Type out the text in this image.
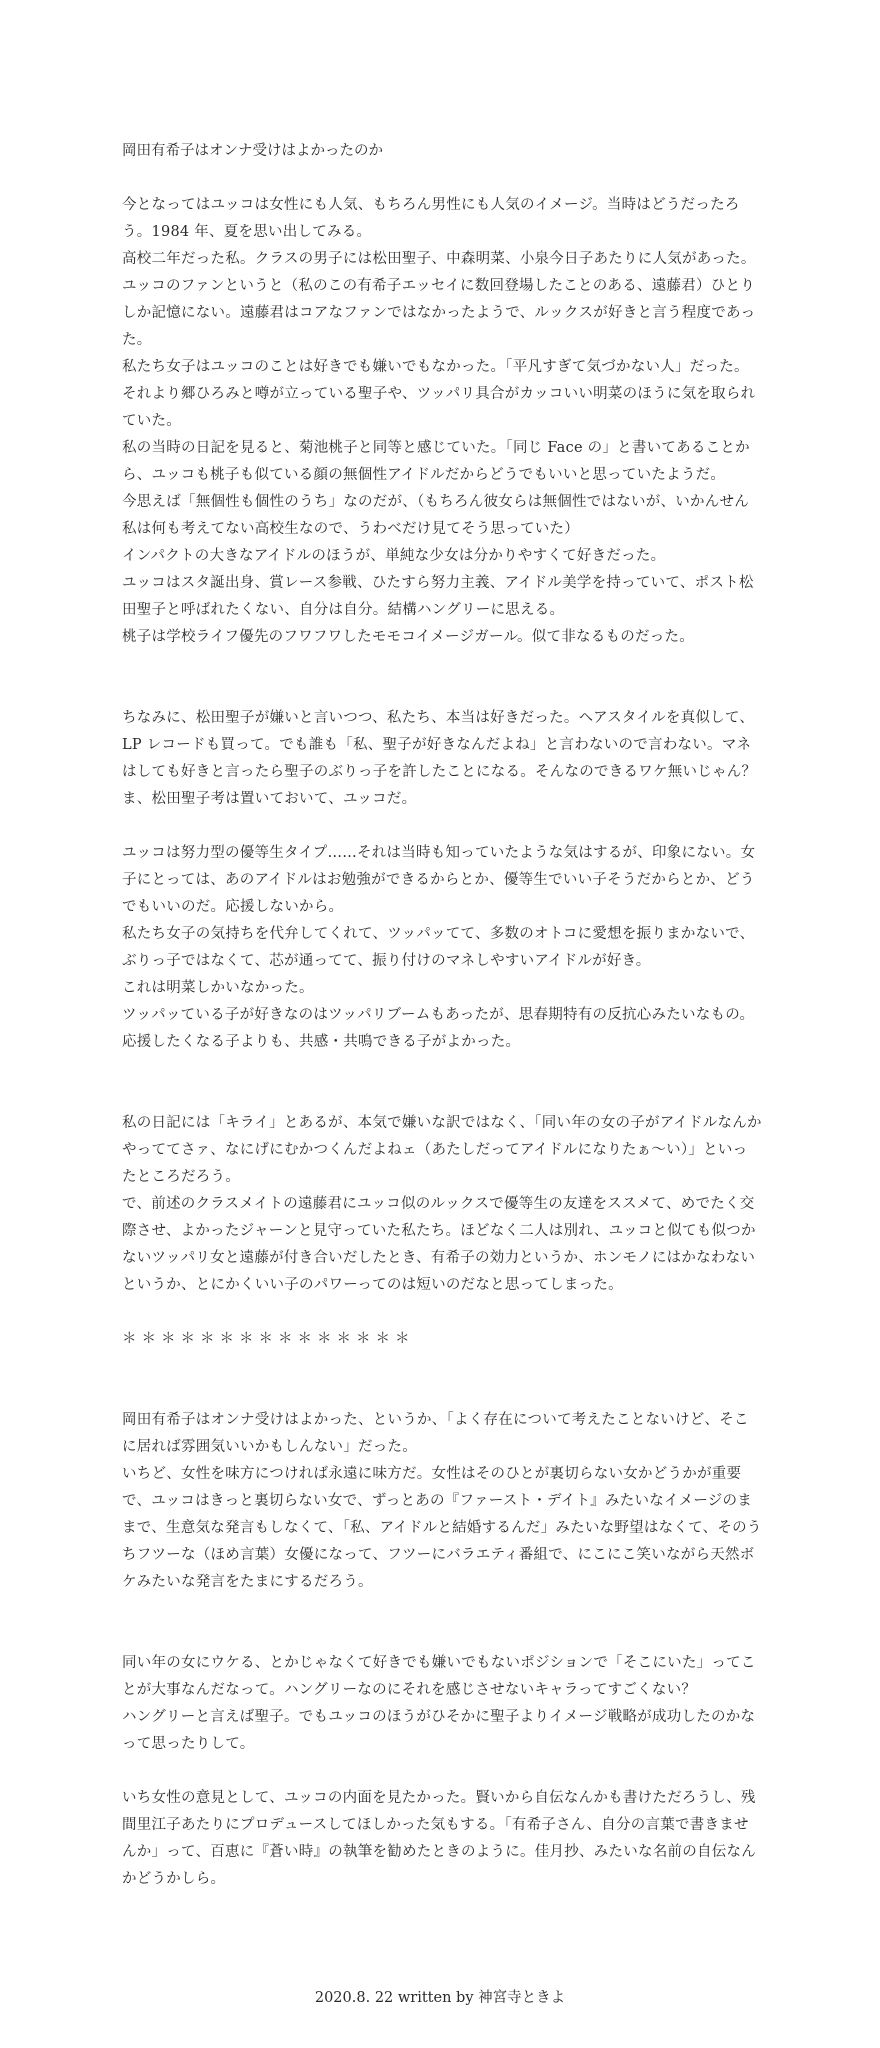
岡田有希子はオンナ受けはよかったのか

今となってはユッコは女性にも人気、もちろん男性にも人気のイメージ。当時はどうだったろう。1984 年、夏を思い出してみる。

高校二年だった私。クラスの男子には松田聖子、中森明菜、小泉今日子あたりに人気があった。ユッコのファンというと（私のこの有希子エッセイに数回登場したことのある、遠藤君）ひとりしか記憶にない。遠藤君はコアなファンではなかったようで、ルックスが好きと言う程度であった。

私たち女子はユッコのことは好きでも嫌いでもなかった。「平凡すぎて気づかない人」だった。それより郷ひろみと噂が立っている聖子や、ツッパリ具合がカッコいい明菜のほうに気を取られていた。

私の当時の日記を見ると、菊池桃子と同等と感じていた。「同じ Face の」と書いてあることから、ユッコも桃子も似ている顔の無個性アイドルだからどうでもいいと思っていたようだ。

今思えば「無個性も個性のうち」なのだが、（もちろん彼女らは無個性ではないが、いかんせん私は何も考えてない高校生なので、うわべだけ見てそう思っていた）

インパクトの大きなアイドルのほうが、単純な少女は分かりやすくて好きだった。

ユッコはスタ誕出身、賞レース参戦、ひたすら努力主義、アイドル美学を持っていて、ポスト松田聖子と呼ばれたくない、自分は自分。結構ハングリーに思える。

桃子は学校ライフ優先のフワフワしたモモコイメージガール。似て非なるものだった。

ちなみに、松田聖子が嫌いと言いつつ、私たち、本当は好きだった。ヘアスタイルを真似して、LP レコードも買って。でも誰も「私、聖子が好きなんだよね」と言わないので言わない。マネはしても好きと言ったら聖子のぶりっ子を許したことになる。そんなのできるワケ無いじゃん？

ま、松田聖子考は置いておいて、ユッコだ。

ユッコは努力型の優等生タイプ……それは当時も知っていたような気はするが、印象にない。女子にとっては、あのアイドルはお勉強ができるからとか、優等生でいい子そうだからとか、どうでもいいのだ。応援しないから。

私たち女子の気持ちを代弁してくれて、ツッパッてて、多数のオトコに愛想を振りまかないで、ぶりっ子ではなくて、芯が通ってて、振り付けのマネしやすいアイドルが好き。

これは明菜しかいなかった。

ツッパッている子が好きなのはツッパリブームもあったが、思春期特有の反抗心みたいなもの。応援したくなる子よりも、共感・共鳴できる子がよかった。

私の日記には「キライ」とあるが、本気で嫌いな訳ではなく、「同い年の女の子がアイドルなんかやっててさァ、なにげにむかつくんだよねェ（あたしだってアイドルになりたぁ〜い）」といったところだろう。

で、前述のクラスメイトの遠藤君にユッコ似のルックスで優等生の友達をススメて、めでたく交際させ、よかったジャーンと見守っていた私たち。ほどなく二人は別れ、ユッコと似ても似つかないツッパリ女と遠藤が付き合いだしたとき、有希子の効力というか、ホンモノにはかなわないというか、とにかくいい子のパワーってのは短いのだなと思ってしまった。

＊＊＊＊＊＊＊＊＊＊＊＊＊＊＊

岡田有希子はオンナ受けはよかった、というか、「よく存在について考えたことないけど、そこに居れば雰囲気いいかもしんない」だった。

いちど、女性を味方につければ永遠に味方だ。女性はそのひとが裏切らない女かどうかが重要で、ユッコはきっと裏切らない女で、ずっとあの『ファースト・デイト』みたいなイメージのままで、生意気な発言もしなくて、「私、アイドルと結婚するんだ」みたいな野望はなくて、そのうちフツーな（ほめ言葉）女優になって、フツーにバラエティ番組で、にこにこ笑いながら天然ボケみたいな発言をたまにするだろう。

同い年の女にウケる、とかじゃなくて好きでも嫌いでもないポジションで「そこにいた」ってことが大事なんだなって。ハングリーなのにそれを感じさせないキャラってすごくない？

ハングリーと言えば聖子。でもユッコのほうがひそかに聖子よりイメージ戦略が成功したのかなって思ったりして。

いち女性の意見として、ユッコの内面を見たかった。賢いから自伝なんかも書けただろうし、残間里江子あたりにプロデュースしてほしかった気もする。「有希子さん、自分の言葉で書きませんか」って、百恵に『蒼い時』の執筆を勧めたときのように。佳月抄、みたいな名前の自伝なんかどうかしら。

2020.8. 22 written by 神宮寺ときよ
